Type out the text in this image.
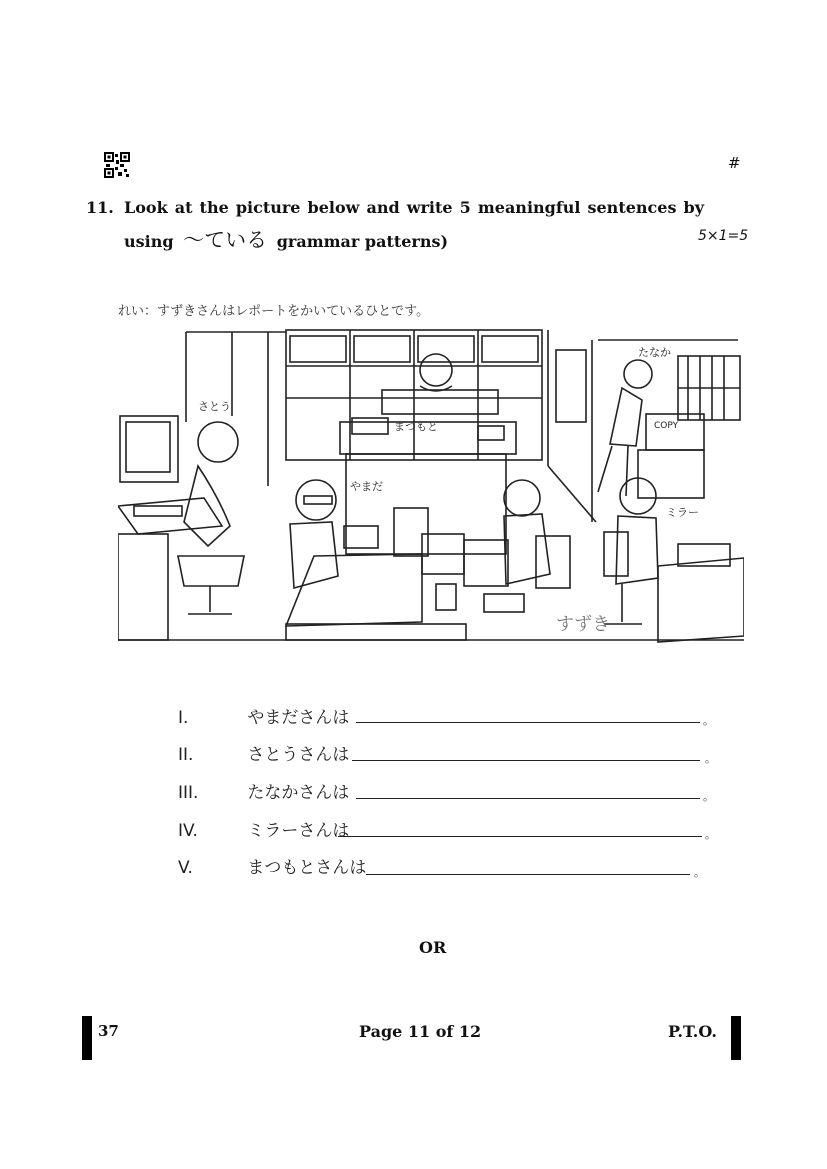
#
11. Look at the picture below and write 5 meaningful sentences by
using ～ている grammar patterns)	5×1=5
れい：すずきさんはレポートをかいているひとです。
さとう
まつもと
やまだ
たなか
ミラー
COPY
すずき
I.	やまださんは	。
II.	さとうさんは	。
III.	たなかさんは	。
IV.	ミラーさんは	。
V.	まつもとさんは	。
OR
37	Page 11 of 12	P.T.O.
